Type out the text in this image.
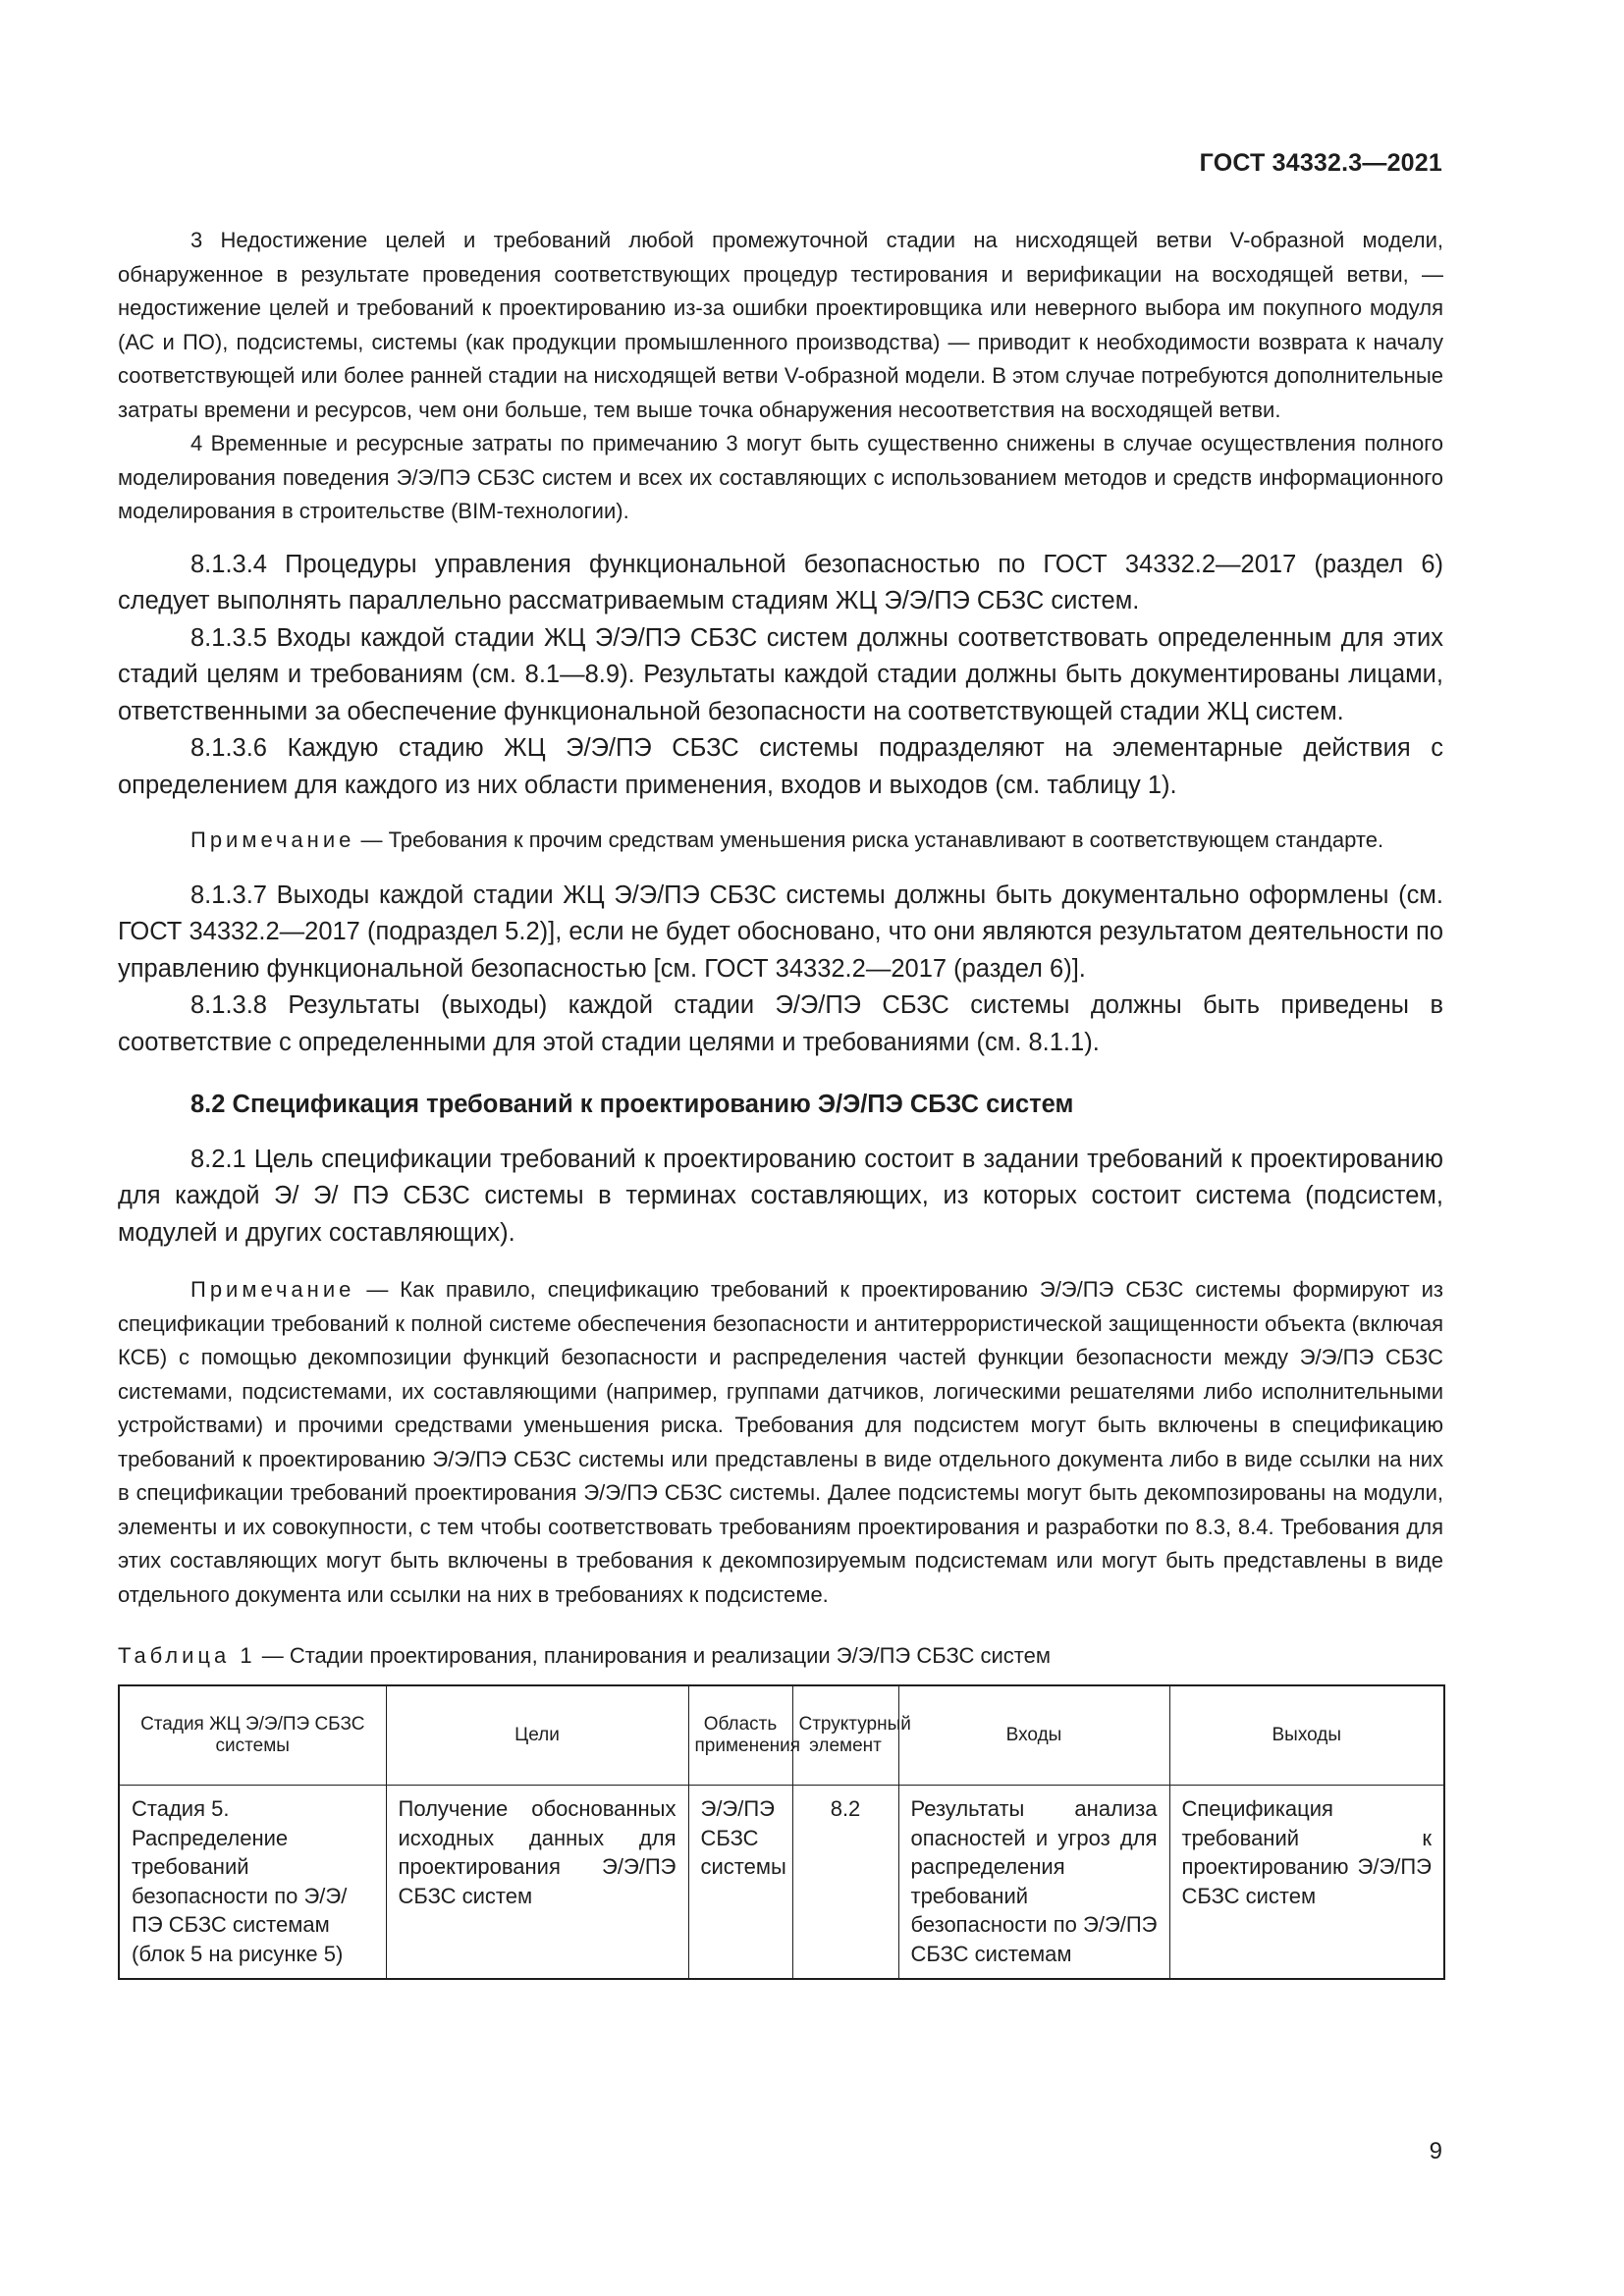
ГОСТ 34332.3—2021

3 Недостижение целей и требований любой промежуточной стадии на нисходящей ветви V-образной модели, обнаруженное в результате проведения соответствующих процедур тестирования и верификации на восходящей ветви, — недостижение целей и требований к проектированию из-за ошибки проектировщика или неверного выбора им покупного модуля (АС и ПО), подсистемы, системы (как продукции промышленного производства) — приводит к необходимости возврата к началу соответствующей или более ранней стадии на нисходящей ветви V-образной модели. В этом случае потребуются дополнительные затраты времени и ресурсов, чем они больше, тем выше точка обнаружения несоответствия на восходящей ветви.

4 Временные и ресурсные затраты по примечанию 3 могут быть существенно снижены в случае осуществления полного моделирования поведения Э/Э/ПЭ СБЗС систем и всех их составляющих с использованием методов и средств информационного моделирования в строительстве (BIM-технологии).

8.1.3.4 Процедуры управления функциональной безопасностью по ГОСТ 34332.2—2017 (раздел 6) следует выполнять параллельно рассматриваемым стадиям ЖЦ Э/Э/ПЭ СБЗС систем.

8.1.3.5 Входы каждой стадии ЖЦ Э/Э/ПЭ СБЗС систем должны соответствовать определенным для этих стадий целям и требованиям (см. 8.1—8.9). Результаты каждой стадии должны быть документированы лицами, ответственными за обеспечение функциональной безопасности на соответствующей стадии ЖЦ систем.

8.1.3.6 Каждую стадию ЖЦ Э/Э/ПЭ СБЗС системы подразделяют на элементарные действия с определением для каждого из них области применения, входов и выходов (см. таблицу 1).

Примечание — Требования к прочим средствам уменьшения риска устанавливают в соответствующем стандарте.

8.1.3.7 Выходы каждой стадии ЖЦ Э/Э/ПЭ СБЗС системы должны быть документально оформлены (см. ГОСТ 34332.2—2017 (подраздел 5.2)], если не будет обосновано, что они являются результатом деятельности по управлению функциональной безопасностью [см. ГОСТ 34332.2—2017 (раздел 6)].

8.1.3.8 Результаты (выходы) каждой стадии Э/Э/ПЭ СБЗС системы должны быть приведены в соответствие с определенными для этой стадии целями и требованиями (см. 8.1.1).

8.2 Спецификация требований к проектированию Э/Э/ПЭ СБЗС систем

8.2.1 Цель спецификации требований к проектированию состоит в задании требований к проектированию для каждой Э/ Э/ ПЭ СБЗС системы в терминах составляющих, из которых состоит система (подсистем, модулей и других составляющих).

Примечание — Как правило, спецификацию требований к проектированию Э/Э/ПЭ СБЗС системы формируют из спецификации требований к полной системе обеспечения безопасности и антитеррористической защищенности объекта (включая КСБ) с помощью декомпозиции функций безопасности и распределения частей функции безопасности между Э/Э/ПЭ СБЗС системами, подсистемами, их составляющими (например, группами датчиков, логическими решателями либо исполнительными устройствами) и прочими средствами уменьшения риска. Требования для подсистем могут быть включены в спецификацию требований к проектированию Э/Э/ПЭ СБЗС системы или представлены в виде отдельного документа либо в виде ссылки на них в спецификации требований проектирования Э/Э/ПЭ СБЗС системы. Далее подсистемы могут быть декомпозированы на модули, элементы и их совокупности, с тем чтобы соответствовать требованиям проектирования и разработки по 8.3, 8.4. Требования для этих составляющих могут быть включены в требования к декомпозируемым подсистемам или могут быть представлены в виде отдельного документа или ссылки на них в требованиях к подсистеме.

Таблица 1 — Стадии проектирования, планирования и реализации Э/Э/ПЭ СБЗС систем
Стадия ЖЦ Э/Э/ПЭ СБЗС системы	Цели	Область применения	Структурный элемент	Входы	Выходы
Стадия 5. Распределение требований безопасности по Э/Э/ПЭ СБЗС системам (блок 5 на рисунке 5)	Получение обоснованных исходных данных для проектирования Э/Э/ПЭ СБЗС систем	Э/Э/ПЭ СБЗС системы	8.2	Результаты анализа опасностей и угроз для распределения требований безопасности по Э/Э/ПЭ СБЗС системам	Спецификация требований к проектированию Э/Э/ПЭ СБЗС систем
9
